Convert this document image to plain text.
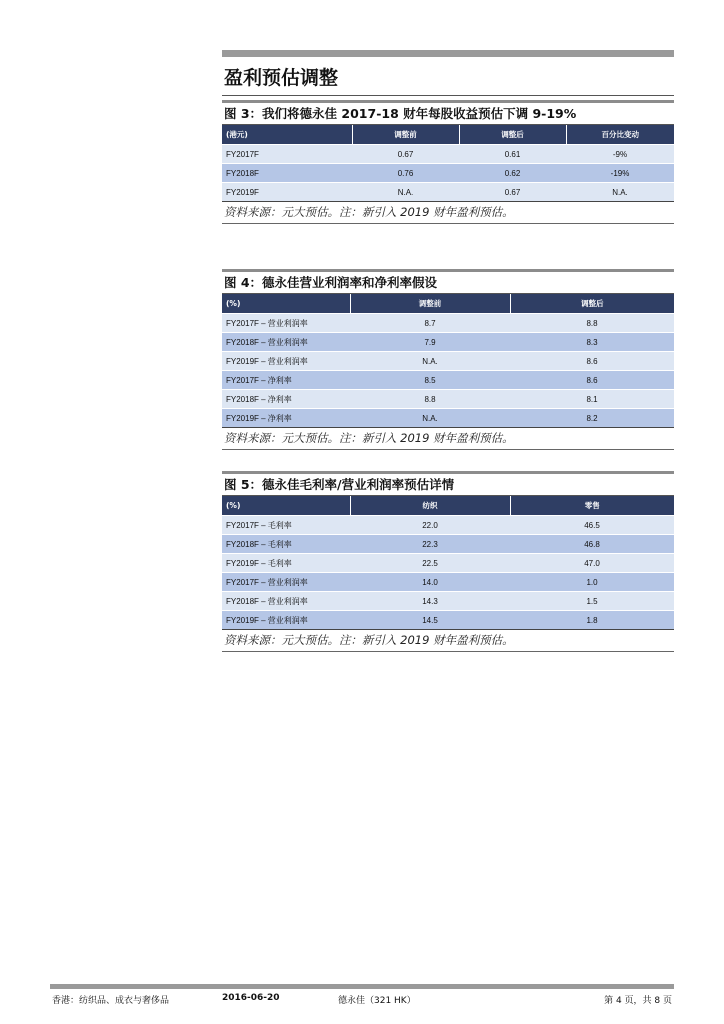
盈利预估调整
图 3：我们将德永佳 2017-18 财年每股收益预估下调 9-19%
(港元)	调整前	调整后	百分比变动
FY2017F	0.67	0.61	-9%
FY2018F	0.76	0.62	-19%
FY2019F	N.A.	0.67	N.A.
资料来源：元大预估。注：新引入 2019 财年盈利预估。
图 4：德永佳营业利润率和净利率假设
(%)	调整前	调整后
FY2017F – 营业利润率	8.7	8.8
FY2018F – 营业利润率	7.9	8.3
FY2019F – 营业利润率	N.A.	8.6
FY2017F – 净利率	8.5	8.6
FY2018F – 净利率	8.8	8.1
FY2019F – 净利率	N.A.	8.2
资料来源：元大预估。注：新引入 2019 财年盈利预估。
图 5：德永佳毛利率/营业利润率预估详情
(%)	纺织	零售
FY2017F – 毛利率	22.0	46.5
FY2018F – 毛利率	22.3	46.8
FY2019F – 毛利率	22.5	47.0
FY2017F – 营业利润率	14.0	1.0
FY2018F – 营业利润率	14.3	1.5
FY2019F – 营业利润率	14.5	1.8
资料来源：元大预估。注：新引入 2019 财年盈利预估。
香港：纺织品、成衣与奢侈品	2016-06-20	德永佳（321 HK）	第 4 页，共 8 页
